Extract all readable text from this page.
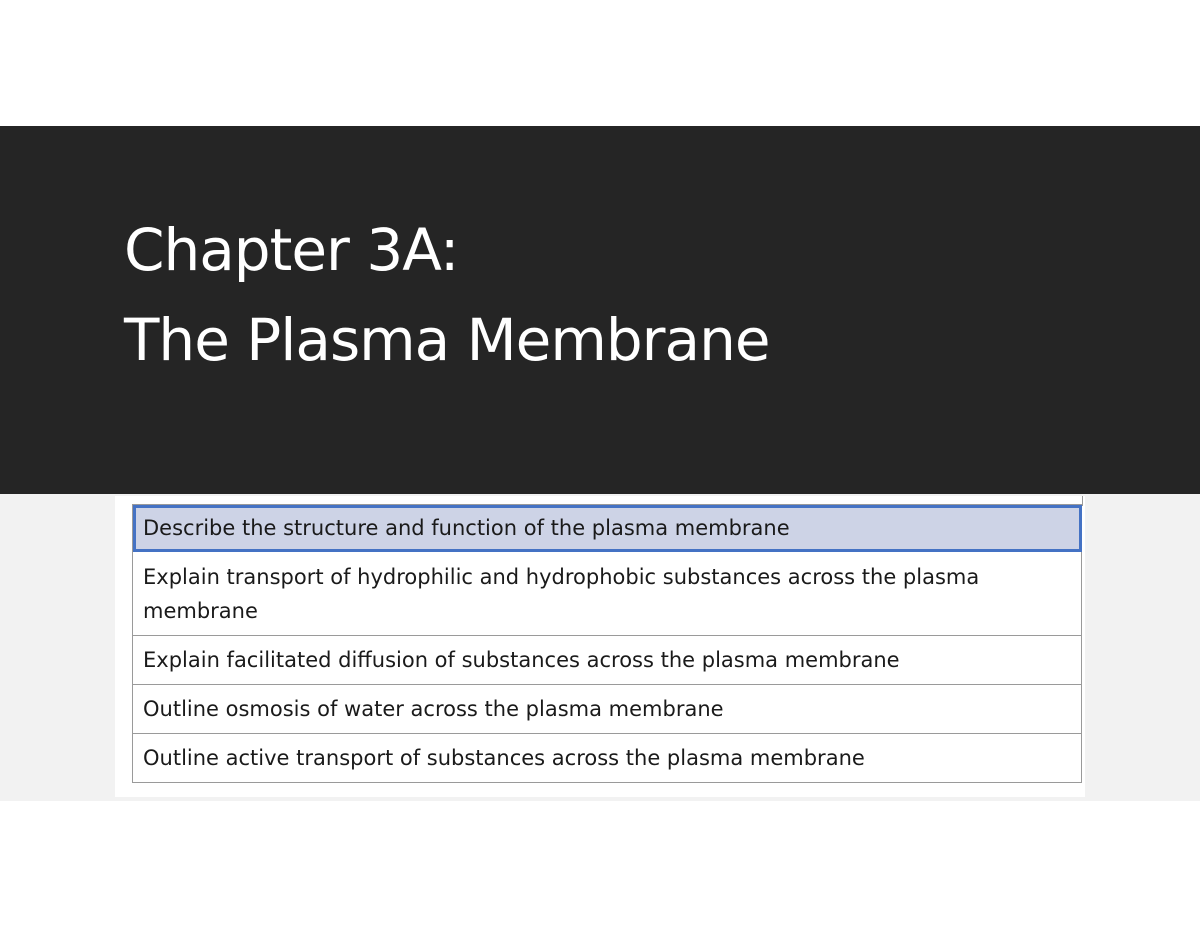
Chapter 3A:
The Plasma Membrane
Describe the structure and function of the plasma membrane
Explain transport of hydrophilic and hydrophobic substances across the plasma membrane
Explain facilitated diffusion of substances across the plasma membrane
Outline osmosis of water across the plasma membrane
Outline active transport of substances across the plasma membrane
